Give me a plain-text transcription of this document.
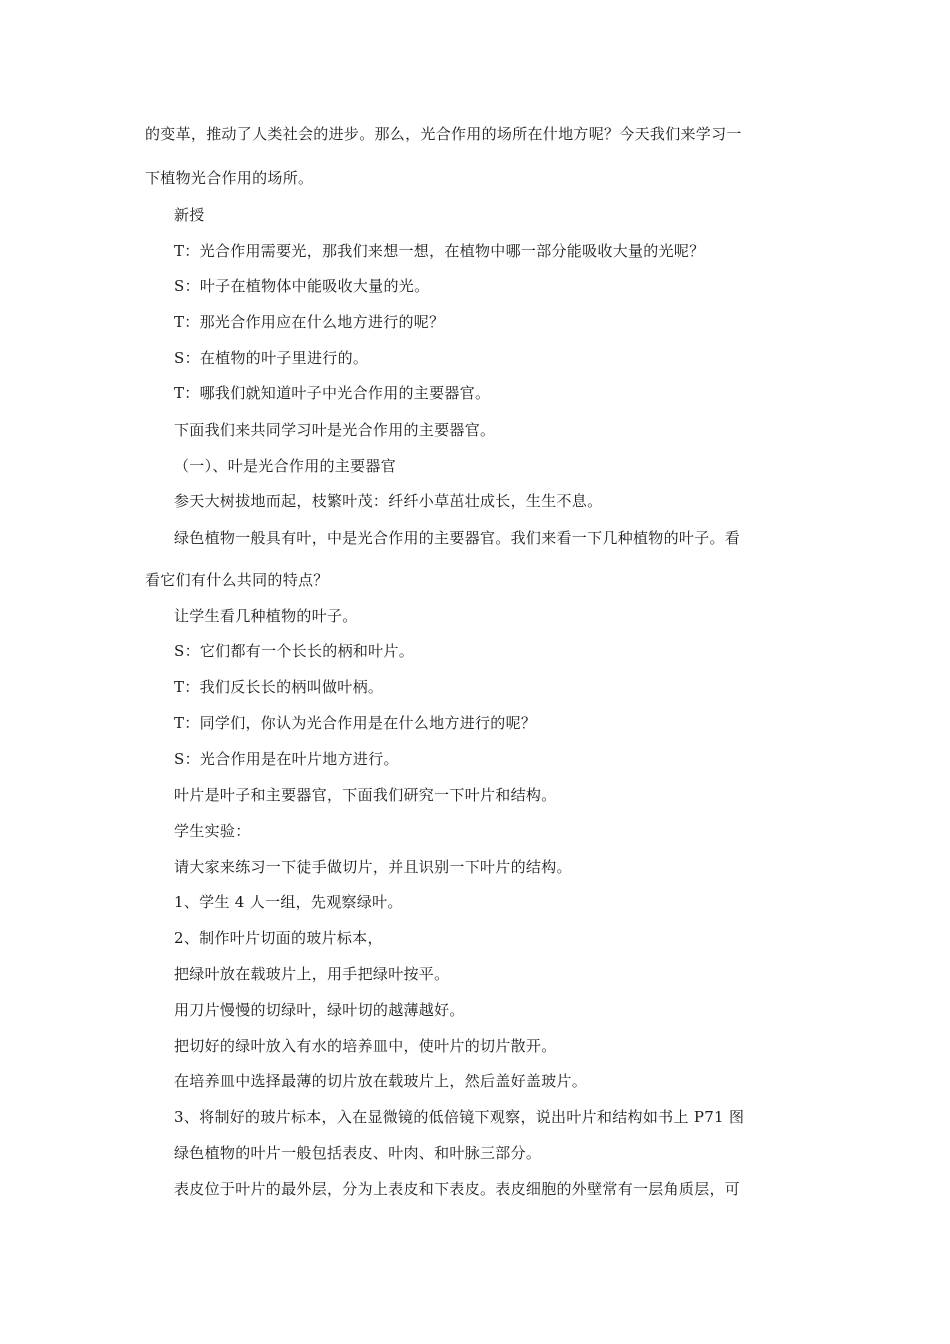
的变革，推动了人类社会的进步。那么，光合作用的场所在什地方呢？今天我们来学习一
下植物光合作用的场所。
新授
T：光合作用需要光，那我们来想一想，在植物中哪一部分能吸收大量的光呢？
S：叶子在植物体中能吸收大量的光。
T：那光合作用应在什么地方进行的呢？
S：在植物的叶子里进行的。
T：哪我们就知道叶子中光合作用的主要器官。
下面我们来共同学习叶是光合作用的主要器官。
（一）、叶是光合作用的主要器官
参天大树拔地而起，枝繁叶茂：纤纤小草茁壮成长，生生不息。
绿色植物一般具有叶，中是光合作用的主要器官。我们来看一下几种植物的叶子。看
看它们有什么共同的特点？
让学生看几种植物的叶子。
S：它们都有一个长长的柄和叶片。
T：我们反长长的柄叫做叶柄。
T：同学们，你认为光合作用是在什么地方进行的呢？
S：光合作用是在叶片地方进行。
叶片是叶子和主要器官，下面我们研究一下叶片和结构。
学生实验：
请大家来练习一下徒手做切片，并且识别一下叶片的结构。
1、学生 4 人一组，先观察绿叶。
2、制作叶片切面的玻片标本，
把绿叶放在载玻片上，用手把绿叶按平。
用刀片慢慢的切绿叶，绿叶切的越薄越好。
把切好的绿叶放入有水的培养皿中，使叶片的切片散开。
在培养皿中选择最薄的切片放在载玻片上，然后盖好盖玻片。
3、将制好的玻片标本，入在显微镜的低倍镜下观察，说出叶片和结构如书上 P71 图
绿色植物的叶片一般包括表皮、叶肉、和叶脉三部分。
表皮位于叶片的最外层，分为上表皮和下表皮。表皮细胞的外壁常有一层角质层，可
